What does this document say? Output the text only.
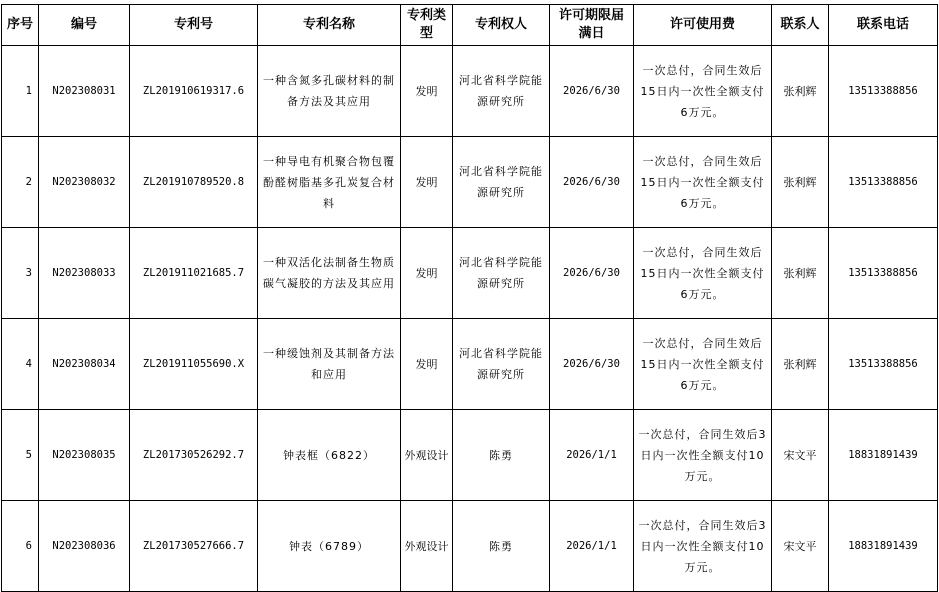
序号	编号	专利号	专利名称	专利类型	专利权人	许可期限届满日	许可使用费	联系人	联系电话
1	N202308031	ZL201910619317.6	一种含氮多孔碳材料的制备方法及其应用	发明	河北省科学院能源研究所	2026/6/30	一次总付，合同生效后15日内一次性全额支付6万元。	张利辉	13513388856
2	N202308032	ZL201910789520.8	一种导电有机聚合物包覆酚醛树脂基多孔炭复合材料	发明	河北省科学院能源研究所	2026/6/30	一次总付，合同生效后15日内一次性全额支付6万元。	张利辉	13513388856
3	N202308033	ZL201911021685.7	一种双活化法制备生物质碳气凝胶的方法及其应用	发明	河北省科学院能源研究所	2026/6/30	一次总付，合同生效后15日内一次性全额支付6万元。	张利辉	13513388856
4	N202308034	ZL201911055690.X	一种缓蚀剂及其制备方法和应用	发明	河北省科学院能源研究所	2026/6/30	一次总付，合同生效后15日内一次性全额支付6万元。	张利辉	13513388856
5	N202308035	ZL201730526292.7	钟表框（6822）	外观设计	陈勇	2026/1/1	一次总付，合同生效后3日内一次性全额支付10万元。	宋文平	18831891439
6	N202308036	ZL201730527666.7	钟表（6789）	外观设计	陈勇	2026/1/1	一次总付，合同生效后3日内一次性全额支付10万元。	宋文平	18831891439
